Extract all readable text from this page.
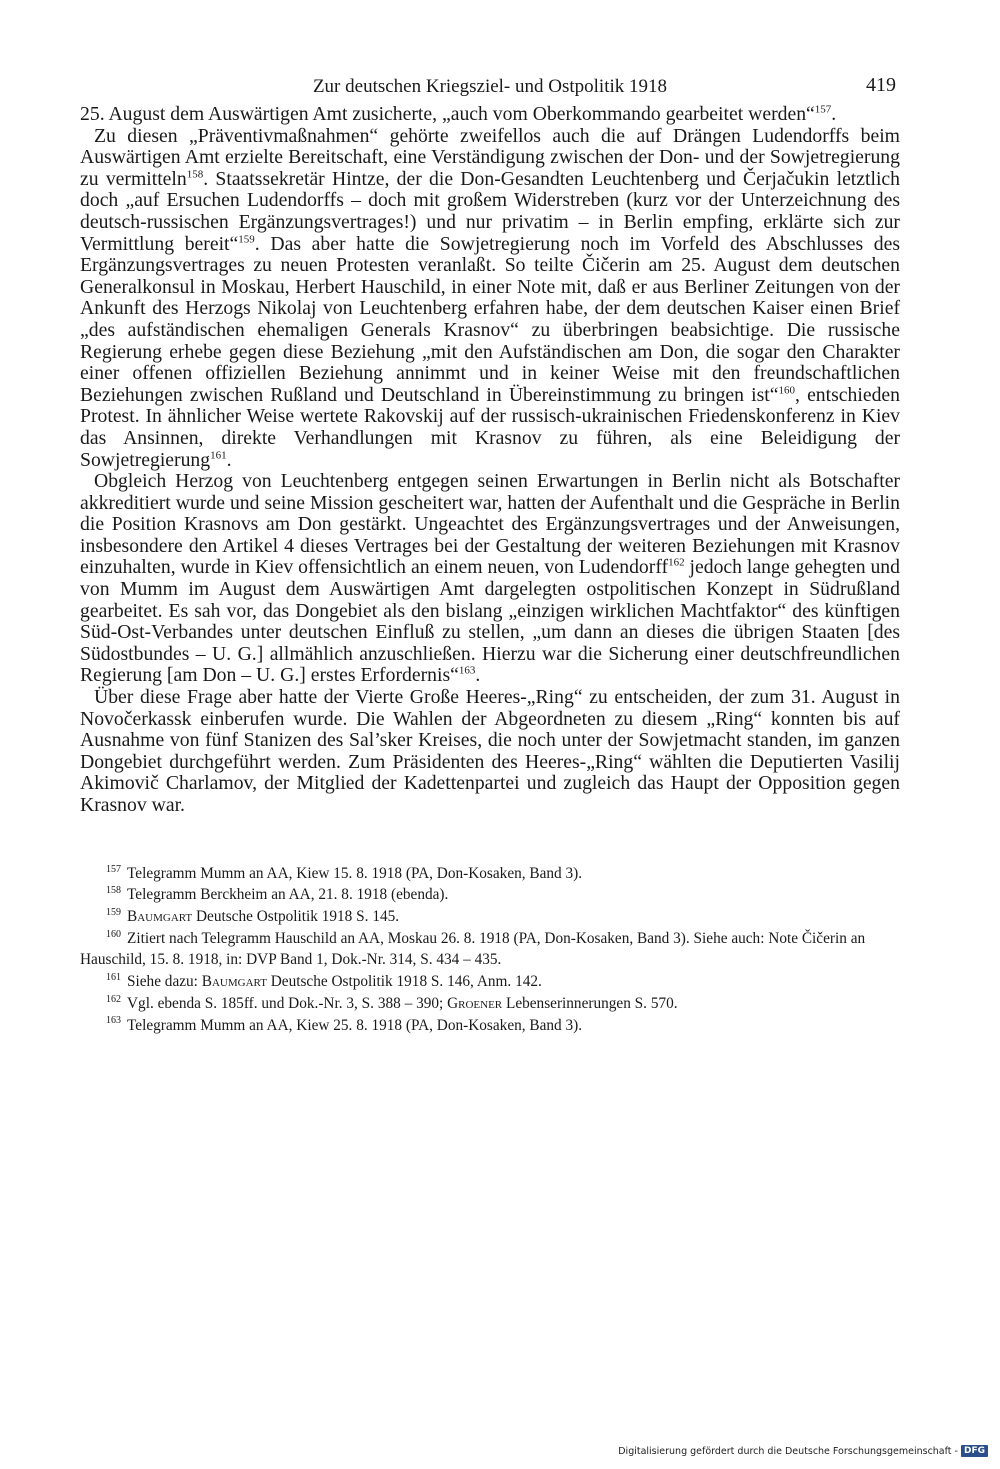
Zur deutschen Kriegsziel- und Ostpolitik 1918	419

25. August dem Auswärtigen Amt zusicherte, „auch vom Oberkommando gearbeitet werden“$^{157}$.

Zu diesen „Präventivmaßnahmen“ gehörte zweifellos auch die auf Drängen Ludendorffs beim Auswärtigen Amt erzielte Bereitschaft, eine Verständigung zwischen der Don- und der Sowjetregierung zu vermitteln$^{158}$. Staatssekretär Hintze, der die Don-Gesandten Leuchtenberg und Čerjačukin letztlich doch „auf Ersuchen Ludendorffs – doch mit großem Widerstreben (kurz vor der Unterzeichnung des deutsch-russischen Ergänzungsvertrages!) und nur privatim – in Berlin empfing, erklärte sich zur Vermittlung bereit“$^{159}$. Das aber hatte die Sowjetregierung noch im Vorfeld des Abschlusses des Ergänzungsvertrages zu neuen Protesten veranlaßt. So teilte Čičerin am 25. August dem deutschen Generalkonsul in Moskau, Herbert Hauschild, in einer Note mit, daß er aus Berliner Zeitungen von der Ankunft des Herzogs Nikolaj von Leuchtenberg erfahren habe, der dem deutschen Kaiser einen Brief „des aufständischen ehemaligen Generals Krasnov“ zu überbringen beabsichtige. Die russische Regierung erhebe gegen diese Beziehung „mit den Aufständischen am Don, die sogar den Charakter einer offenen offiziellen Beziehung annimmt und in keiner Weise mit den freundschaftlichen Beziehungen zwischen Rußland und Deutschland in Übereinstimmung zu bringen ist“$^{160}$, entschieden Protest. In ähnlicher Weise wertete Rakovskij auf der russisch-ukrainischen Friedenskonferenz in Kiev das Ansinnen, direkte Verhandlungen mit Krasnov zu führen, als eine Beleidigung der Sowjetregierung$^{161}$.

Obgleich Herzog von Leuchtenberg entgegen seinen Erwartungen in Berlin nicht als Botschafter akkreditiert wurde und seine Mission gescheitert war, hatten der Aufenthalt und die Gespräche in Berlin die Position Krasnovs am Don gestärkt. Ungeachtet des Ergänzungsvertrages und der Anweisungen, insbesondere den Artikel 4 dieses Vertrages bei der Gestaltung der weiteren Beziehungen mit Krasnov einzuhalten, wurde in Kiev offensichtlich an einem neuen, von Ludendorff$^{162}$ jedoch lange gehegten und von Mumm im August dem Auswärtigen Amt dargelegten ostpolitischen Konzept in Südrußland gearbeitet. Es sah vor, das Dongebiet als den bislang „einzigen wirklichen Machtfaktor“ des künftigen Süd-Ost-Verbandes unter deutschen Einfluß zu stellen, „um dann an dieses die übrigen Staaten [des Südostbundes – U. G.] allmählich anzuschließen. Hierzu war die Sicherung einer deutschfreundlichen Regierung [am Don – U. G.] erstes Erfordernis“$^{163}$.

Über diese Frage aber hatte der Vierte Große Heeres-„Ring“ zu entscheiden, der zum 31. August in Novočerkassk einberufen wurde. Die Wahlen der Abgeordneten zu diesem „Ring“ konnten bis auf Ausnahme von fünf Stanizen des Sal’sker Kreises, die noch unter der Sowjetmacht standen, im ganzen Dongebiet durchgeführt werden. Zum Präsidenten des Heeres-„Ring“ wählten die Deputierten Vasilij Akimovič Charlamov, der Mitglied der Kadettenpartei und zugleich das Haupt der Opposition gegen Krasnov war.

$^{157}$ Telegramm Mumm an AA, Kiew 15. 8. 1918 (PA, Don-Kosaken, Band 3).

$^{158}$ Telegramm Berckheim an AA, 21. 8. 1918 (ebenda).

$^{159}$ Baumgart Deutsche Ostpolitik 1918 S. 145.

$^{160}$ Zitiert nach Telegramm Hauschild an AA, Moskau 26. 8. 1918 (PA, Don-Kosaken, Band 3). Siehe auch: Note Čičerin an Hauschild, 15. 8. 1918, in: DVP Band 1, Dok.-Nr. 314, S. 434 – 435.

$^{161}$ Siehe dazu: Baumgart Deutsche Ostpolitik 1918 S. 146, Anm. 142.

$^{162}$ Vgl. ebenda S. 185ff. und Dok.-Nr. 3, S. 388 – 390; Groener Lebenserinnerungen S. 570.

$^{163}$ Telegramm Mumm an AA, Kiew 25. 8. 1918 (PA, Don-Kosaken, Band 3).

Digitalisierung gefördert durch die Deutsche Forschungsgemeinschaft - DFG
